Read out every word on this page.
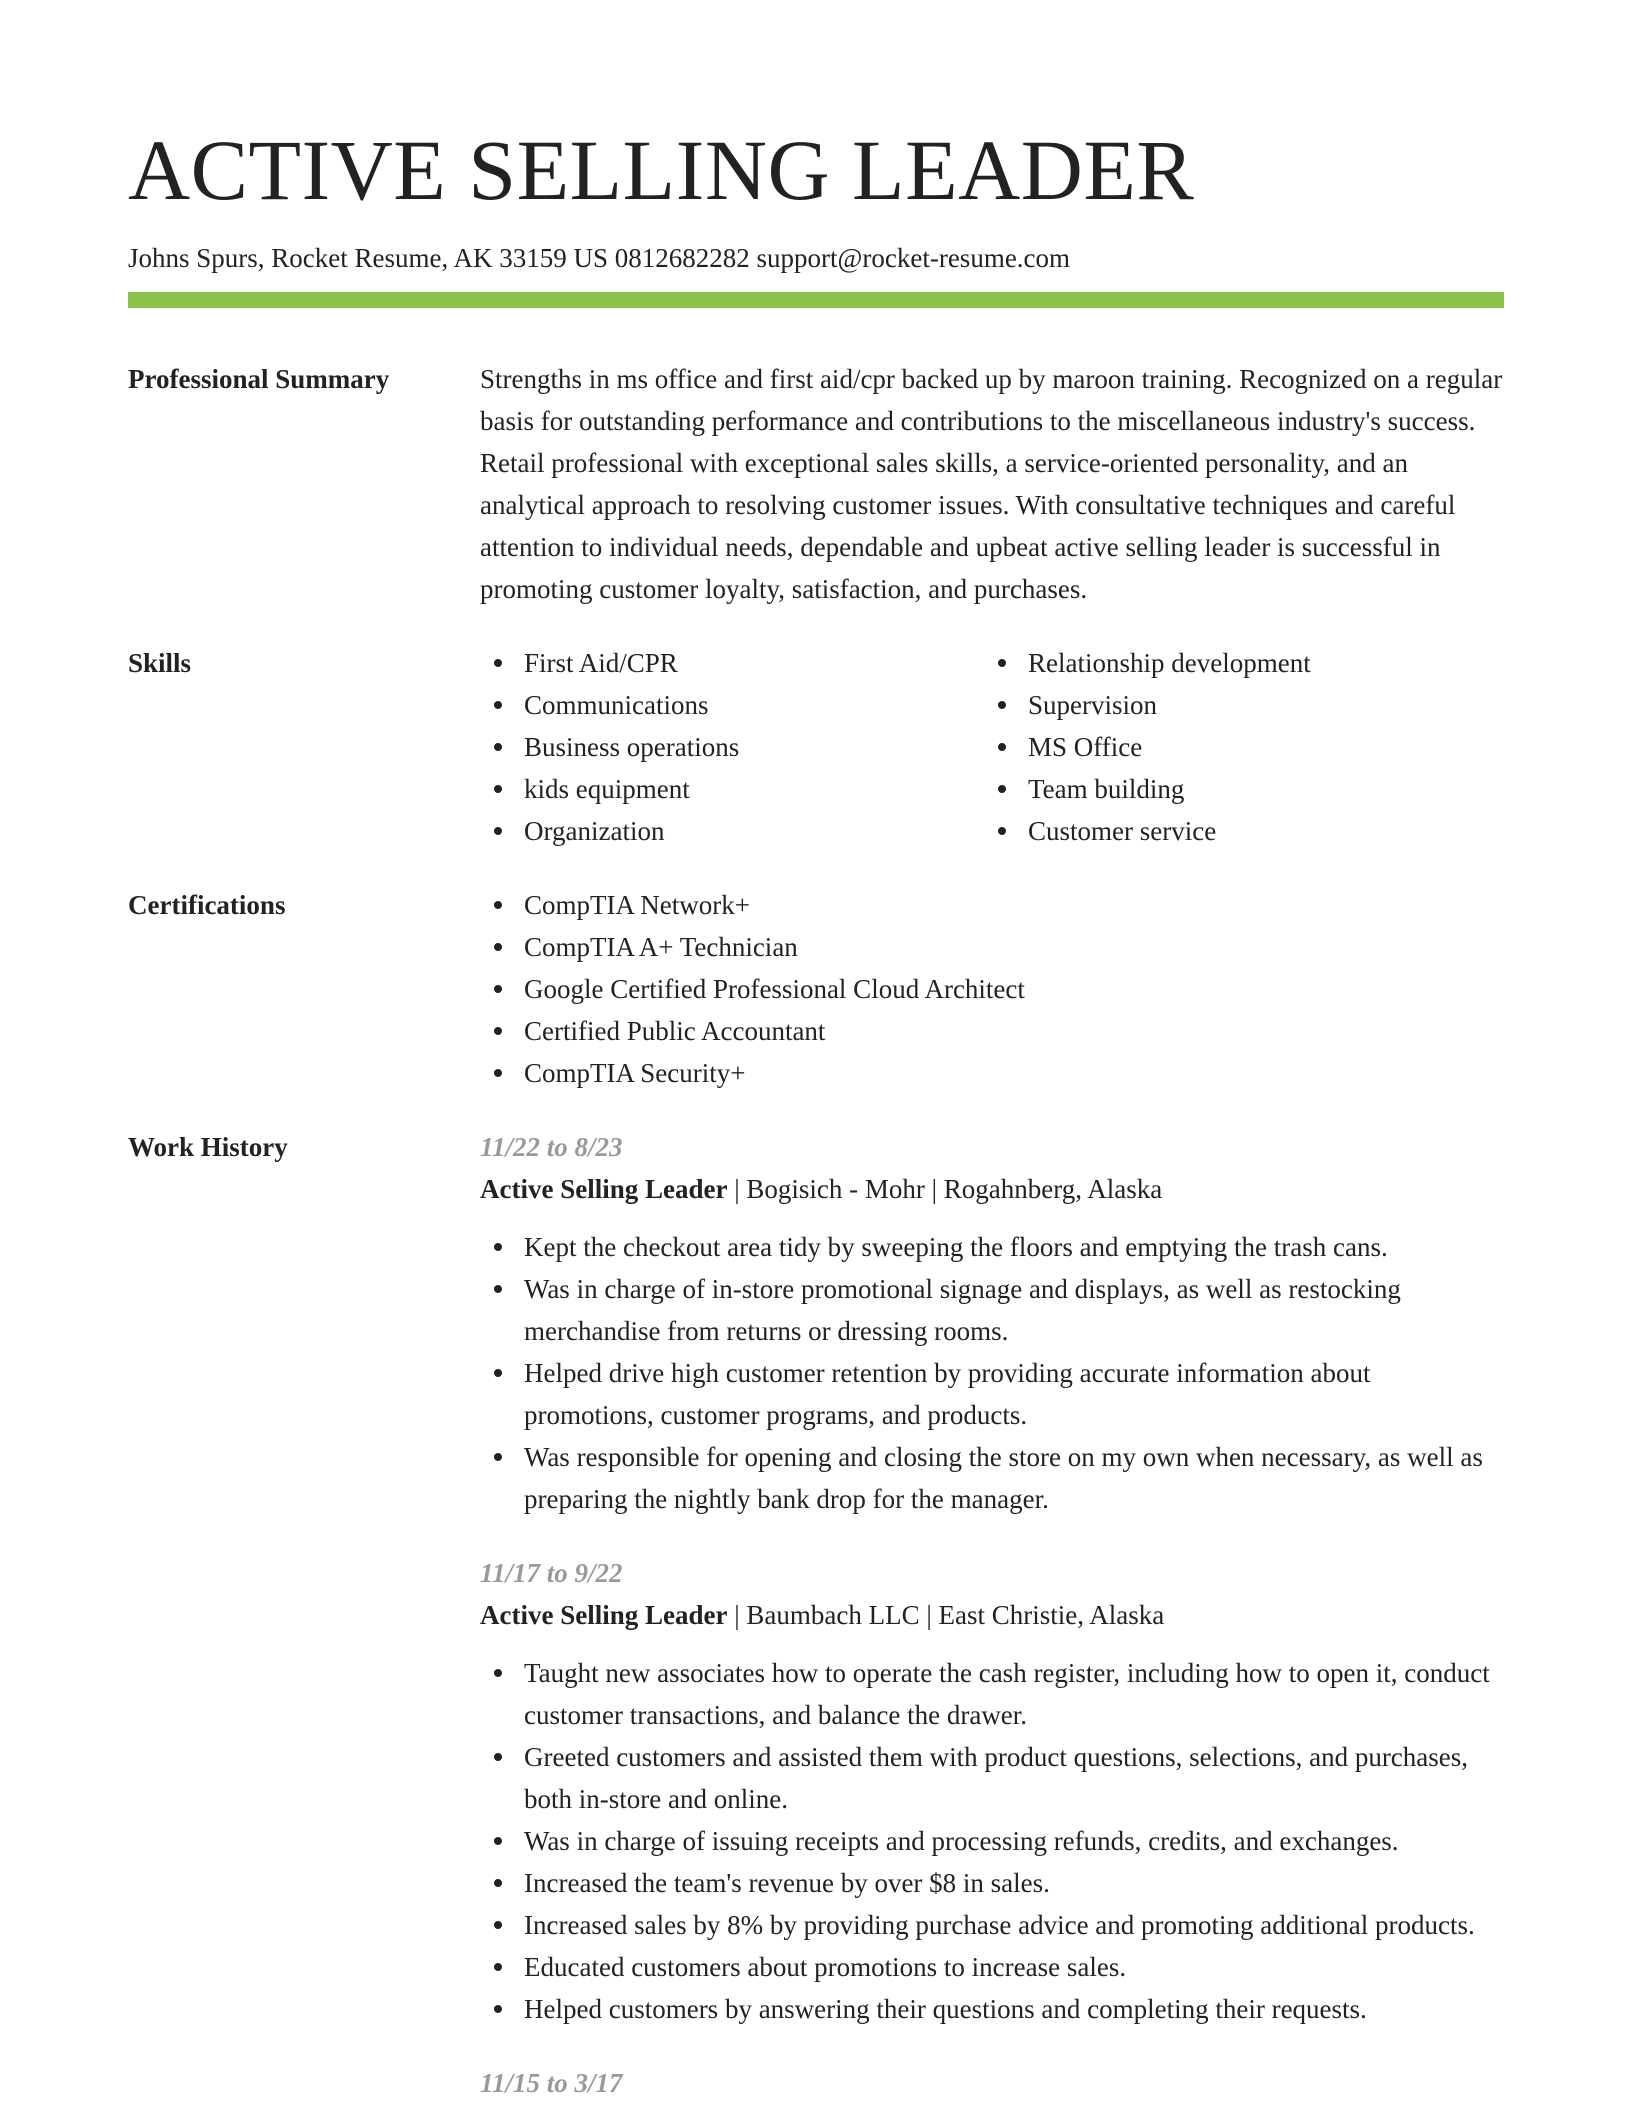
ACTIVE SELLING LEADER
Johns Spurs, Rocket Resume, AK 33159 US 0812682282 support@rocket-resume.com
Professional Summary	Strengths in ms office and first aid/cpr backed up by maroon training. Recognized on a regular basis for outstanding performance and contributions to the miscellaneous industry's success. Retail professional with exceptional sales skills, a service-oriented personality, and an analytical approach to resolving customer issues. With consultative techniques and careful attention to individual needs, dependable and upbeat active selling leader is successful in promoting customer loyalty, satisfaction, and purchases.
Skills	First Aid/CPR
Communications
Business operations
kids equipment
Organization
Relationship development
Supervision
MS Office
Team building
Customer service
Certifications	CompTIA Network+
CompTIA A+ Technician
Google Certified Professional Cloud Architect
Certified Public Accountant
CompTIA Security+
Work History	11/22 to 8/23
Active Selling Leader | Bogisich - Mohr | Rogahnberg, Alaska
Kept the checkout area tidy by sweeping the floors and emptying the trash cans.
Was in charge of in-store promotional signage and displays, as well as restocking merchandise from returns or dressing rooms.
Helped drive high customer retention by providing accurate information about promotions, customer programs, and products.
Was responsible for opening and closing the store on my own when necessary, as well as preparing the nightly bank drop for the manager.
11/17 to 9/22
Active Selling Leader | Baumbach LLC | East Christie, Alaska
Taught new associates how to operate the cash register, including how to open it, conduct customer transactions, and balance the drawer.
Greeted customers and assisted them with product questions, selections, and purchases, both in-store and online.
Was in charge of issuing receipts and processing refunds, credits, and exchanges.
Increased the team's revenue by over $8 in sales.
Increased sales by 8% by providing purchase advice and promoting additional products.
Educated customers about promotions to increase sales.
Helped customers by answering their questions and completing their requests.
11/15 to 3/17
